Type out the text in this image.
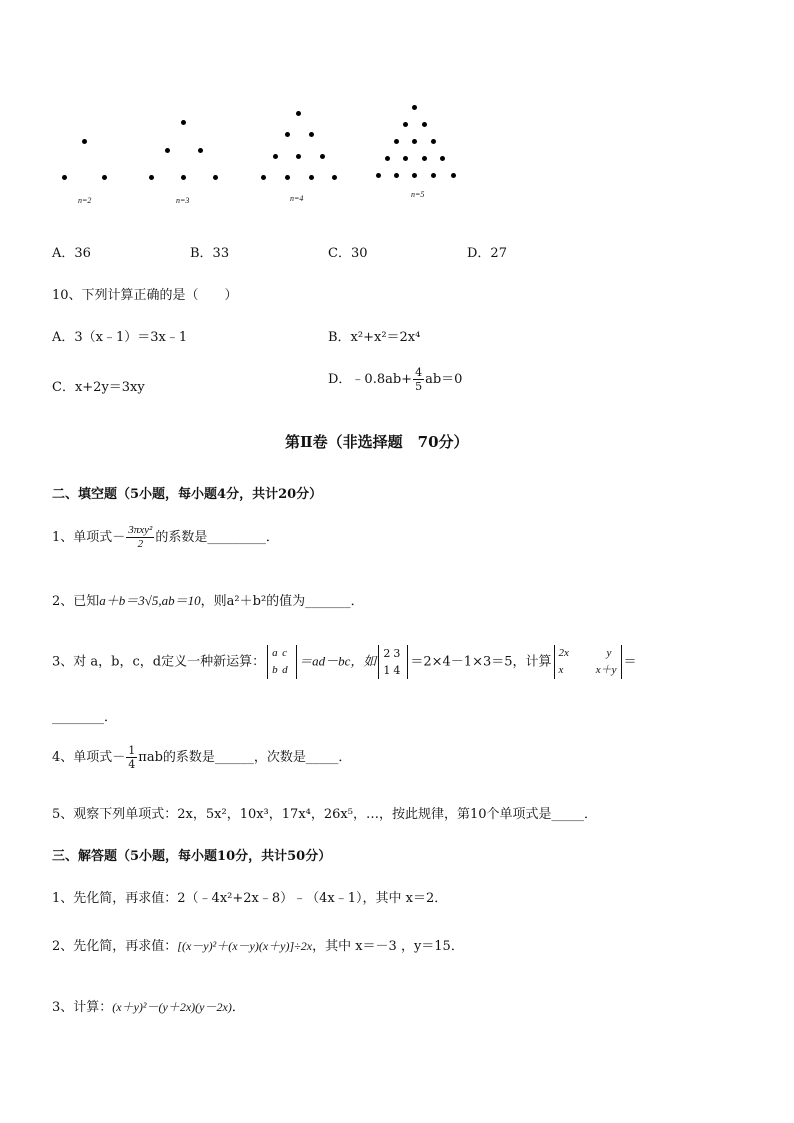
n=2	n=3	n=4	n=5
A．36	B．33	C．30	D．27
10、下列计算正确的是（　　）
A．3（x﹣1）＝3x﹣1	B．x²+x²＝2x⁴
C．x+2y＝3xy
D．﹣0.8ab+ $\frac{4}{5} ab=0$
第Ⅱ卷（非选择题　70分）
二、填空题（5小题，每小题4分，共计20分）
1、单项式－ $\frac{\text{3πxy²}}{2}$ 的系数是_________．
2、已知a＋b＝3√5,ab＝10，则a²＋b²的值为_______．
3、对 a，b，c，d定义一种新运算：
a c
b d
＝ad－bc，如 2 3
1 4
＝2×4－1×3＝5，计算
2x	y
x	x＋y
＝
________．
4、单项式－ $\frac{1}{4}$ πab的系数是______，次数是_____．
5、观察下列单项式：2x，5x²，10x³，17x⁴，26x⁵，…，按此规律，第10个单项式是_____．
三、解答题（5小题，每小题10分，共计50分）
1、先化简，再求值：2（﹣4x²+2x﹣8）﹣（4x﹣1），其中 x＝2．
2、先化简，再求值：[(x－y)²＋(x－y)(x＋y)]÷2x，其中 x＝－3 ，y＝15．
3、计算：(x＋y)²－(y＋2x)(y－2x)．
